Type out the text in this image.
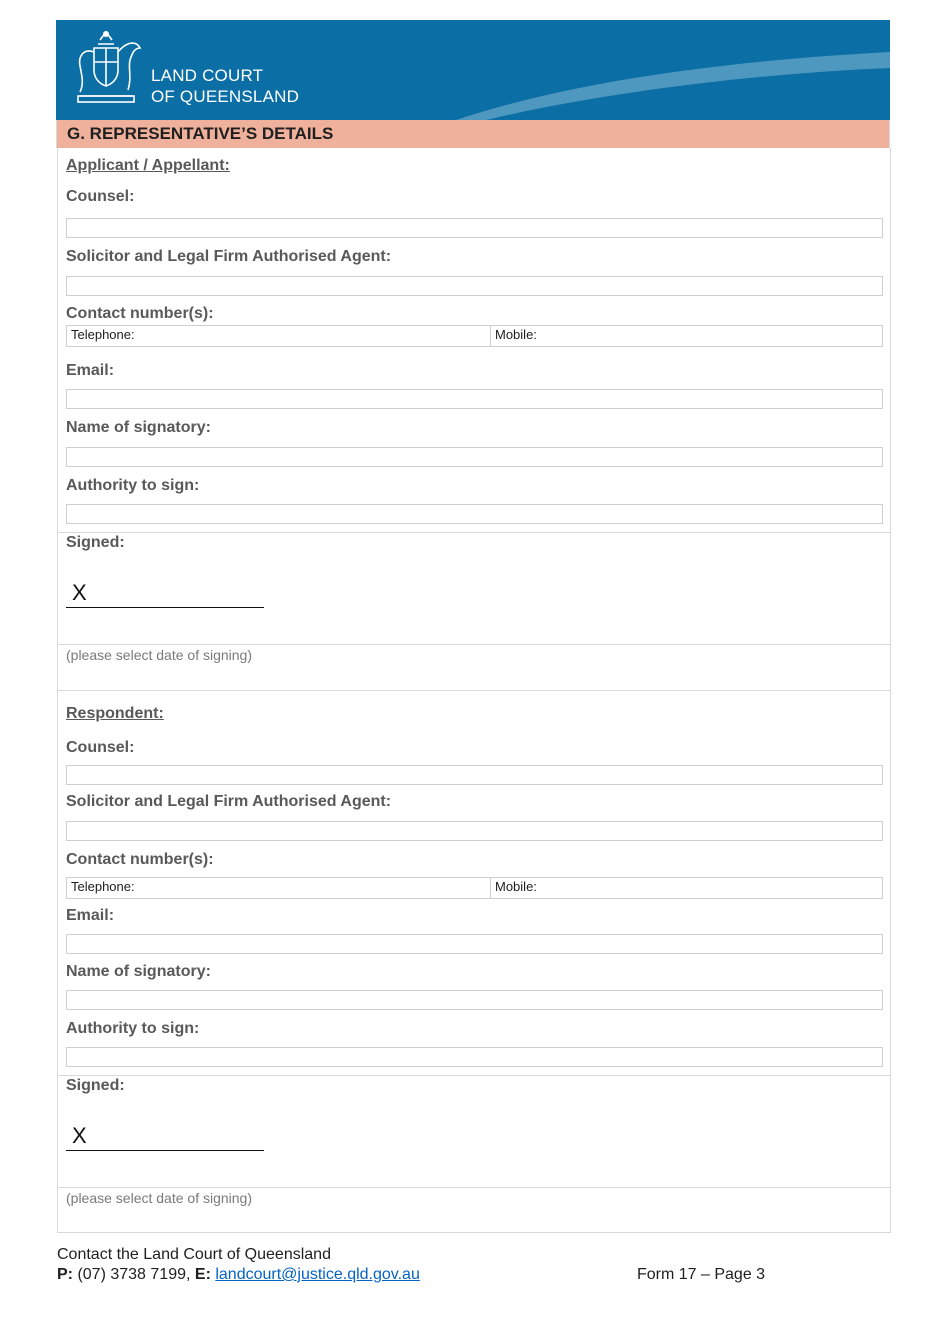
LAND COURT
OF QUEENSLAND
G. REPRESENTATIVE’S DETAILS
Applicant / Appellant:
Counsel:
Solicitor and Legal Firm Authorised Agent:
Contact number(s):
Telephone:	Mobile:
Email:
Name of signatory:
Authority to sign:
Signed:
X
(please select date of signing)
Respondent:
Counsel:
Solicitor and Legal Firm Authorised Agent:
Contact number(s):
Telephone:	Mobile:
Email:
Name of signatory:
Authority to sign:
Signed:
X
(please select date of signing)
Contact the Land Court of Queensland
P: (07) 3738 7199, E: landcourt@justice.qld.gov.au	Form 17 – Page 3
